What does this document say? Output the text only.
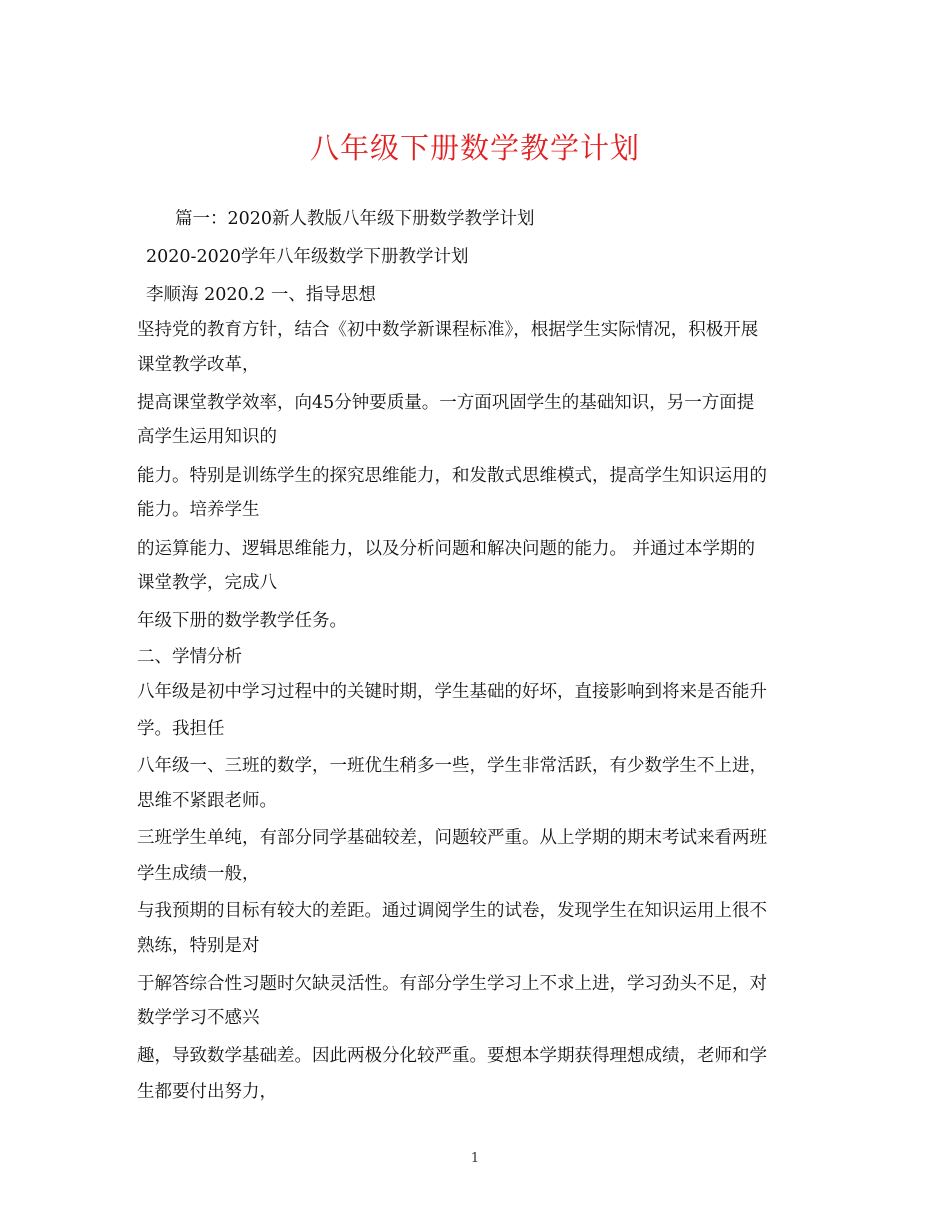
八年级下册数学教学计划
篇一：2020新人教版八年级下册数学教学计划
2020-2020学年八年级数学下册教学计划
李顺海 2020.2 一、指导思想
坚持党的教育方针，结合《初中数学新课程标准》，根据学生实际情况，积极开展
课堂教学改革，
提高课堂教学效率，向45分钟要质量。一方面巩固学生的基础知识，另一方面提
高学生运用知识的
能力。特别是训练学生的探究思维能力，和发散式思维模式，提高学生知识运用的
能力。培养学生
的运算能力、逻辑思维能力，以及分析问题和解决问题的能力。 并通过本学期的
课堂教学，完成八
年级下册的数学教学任务。
二、学情分析
八年级是初中学习过程中的关键时期，学生基础的好坏，直接影响到将来是否能升
学。我担任
八年级一、三班的数学，一班优生稍多一些，学生非常活跃，有少数学生不上进，
思维不紧跟老师。
三班学生单纯，有部分同学基础较差，问题较严重。从上学期的期末考试来看两班
学生成绩一般，
与我预期的目标有较大的差距。通过调阅学生的试卷，发现学生在知识运用上很不
熟练，特别是对
于解答综合性习题时欠缺灵活性。有部分学生学习上不求上进，学习劲头不足，对
数学学习不感兴
趣，导致数学基础差。因此两极分化较严重。要想本学期获得理想成绩，老师和学
生都要付出努力，
1
